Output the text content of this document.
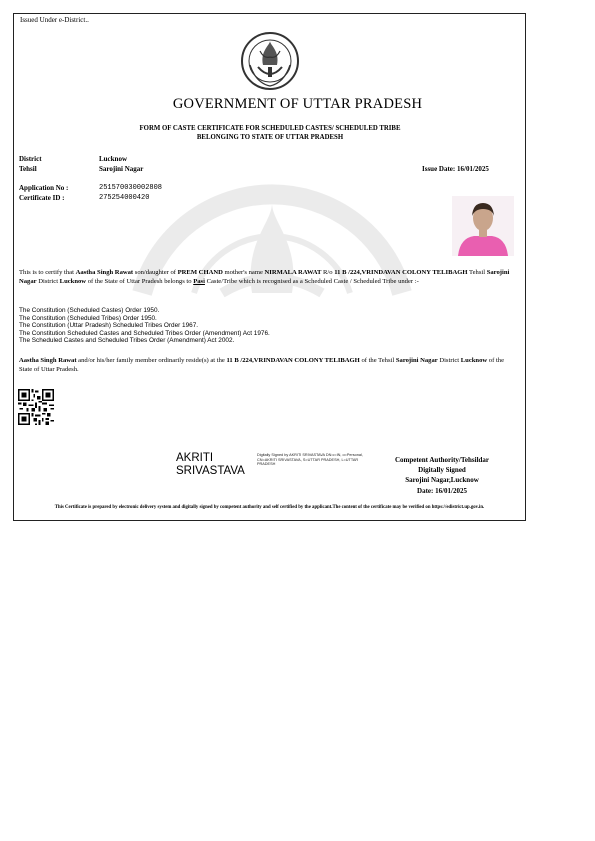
Issued Under e-District..
GOVERNMENT OF UTTAR PRADESH
FORM OF CASTE CERTIFICATE FOR SCHEDULED CASTES/ SCHEDULED TRIBE
BELONGING TO STATE OF UTTAR PRADESH
District	Lucknow
Tehsil	Sarojini Nagar	Issue Date: 16/01/2025
Application No :	251570030002808
Certificate ID :	275254000420
This is to certify that Aastha Singh Rawat son/daughter of PREM CHAND mother's name NIRMALA RAWAT R/o 11 B /224,VRINDAVAN COLONY TELIBAGH Tehsil Sarojini Nagar District Lucknow of the State of Uttar Pradesh belongs to Pasi Caste/Tribe which is recognised as a Scheduled Caste / Scheduled Tribe under :-
The Constitution (Scheduled Castes) Order 1950.
The Constitution (Scheduled Tribes) Order 1950.
The Constitution (Uttar Pradesh) Scheduled Tribes Order 1967.
The Constitution Scheduled Castes and Scheduled Tribes Order (Amendment) Act 1976.
The Scheduled Castes and Scheduled Tribes Order (Amendment) Act 2002.
Aastha Singh Rawat and/or his/her family member ordinarily reside(s) at the 11 B /224,VRINDAVAN COLONY TELIBAGH of the Tehsil Sarojini Nagar District Lucknow of the State of Uttar Pradesh.
AKRITI
SRIVASTAVA
Digitally Signed by AKRITI SRIVASTAVA DN:c=IN, o=Personal, CN=AKRITI SRIVASTAVA, S=UTTAR PRADESH, L=UTTAR PRADESH
Competent Authority/Tehsildar
Digitally Signed
Sarojini Nagar,Lucknow
Date: 16/01/2025
This Certificate is prepared by electronic delivery system and digitally signed by competent authority and self certified by the applicant.The content of the certificate may be verified on https://edistrict.up.gov.in.
